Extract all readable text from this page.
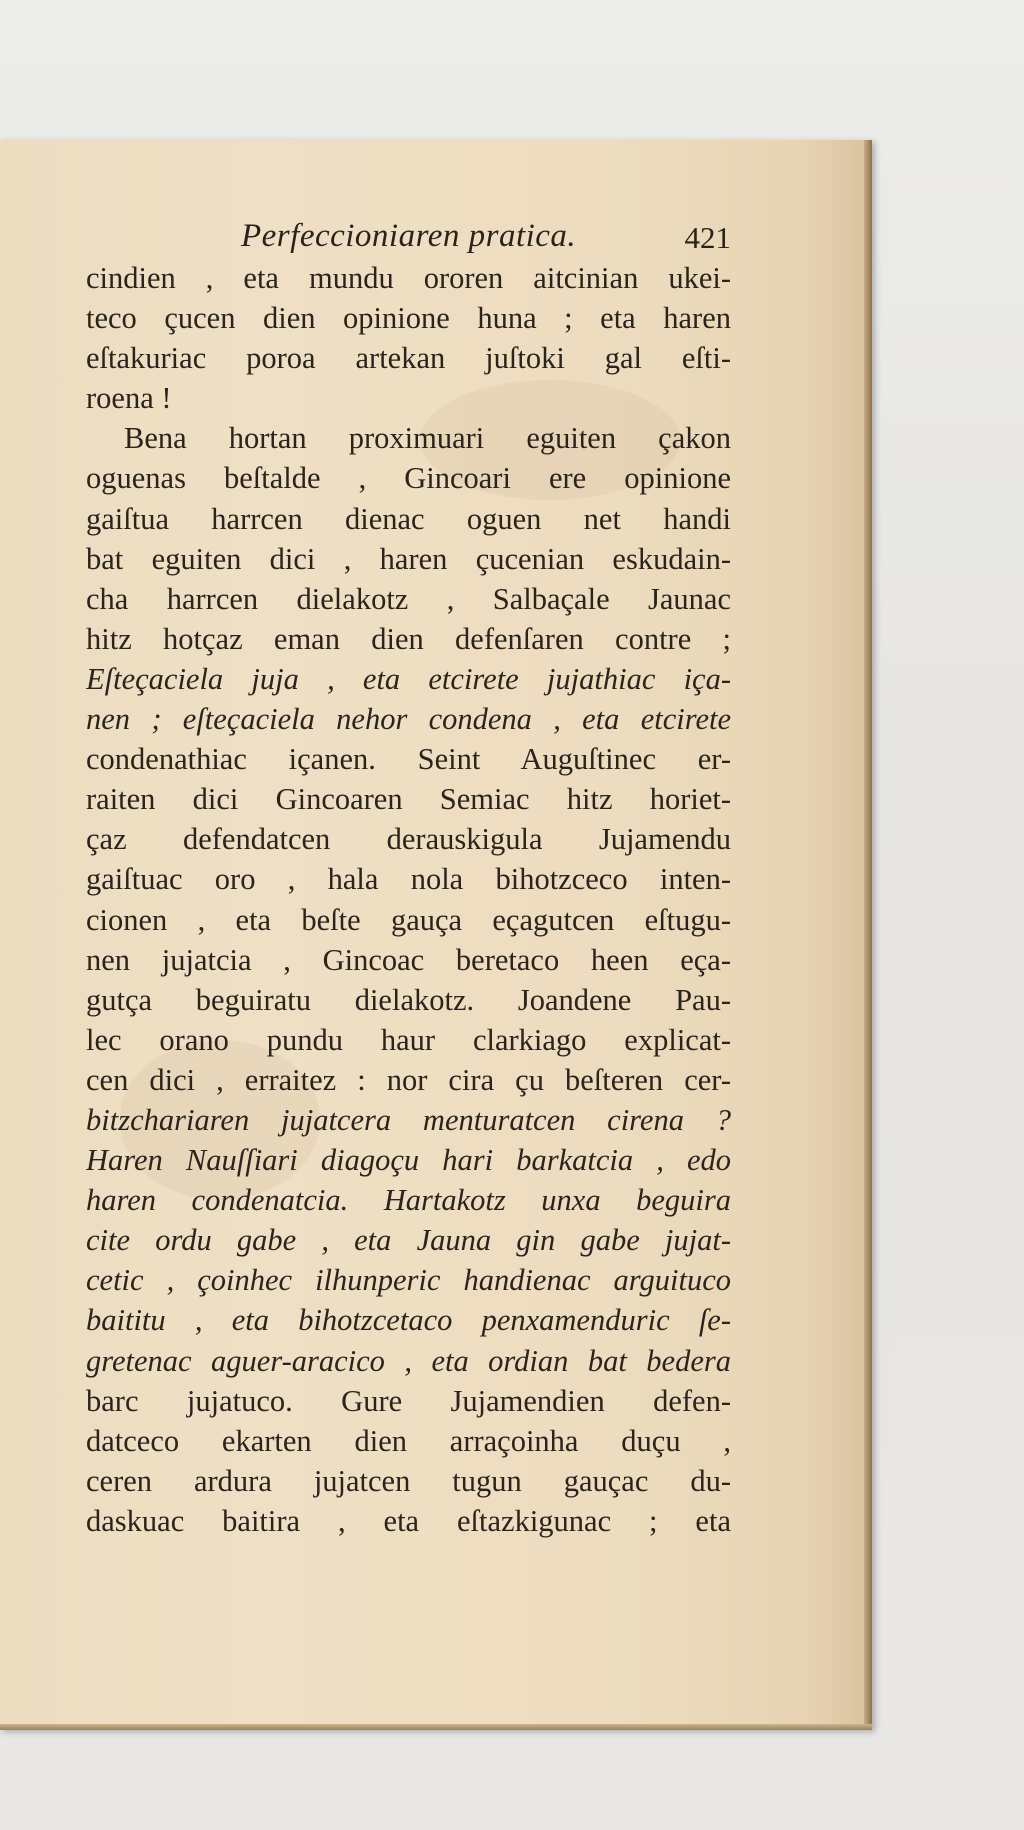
Perfeccioniaren pratica.	421
cindien , eta mundu ororen aitcinian ukei-
teco çucen dien opinione huna ; eta haren
eſtakuriac poroa artekan juſtoki gal eſti-
roena !
Bena hortan proximuari eguiten çakon
oguenas beſtalde , Gincoari ere opinione
gaiſtua harrcen dienac oguen net handi
bat eguiten dici , haren çucenian eskudain-
cha harrcen dielakotz , Salbaçale Jaunac
hitz hotçaz eman dien defenſaren contre ;
Eſteçaciela juja , eta etcirete jujathiac iça-
nen ; eſteçaciela nehor condena , eta etcirete
condenathiac içanen. Seint Auguſtinec er-
raiten dici Gincoaren Semiac hitz horiet-
çaz defendatcen derauskigula Jujamendu
gaiſtuac oro , hala nola bihotzceco inten-
cionen , eta beſte gauça eçagutcen eſtugu-
nen jujatcia , Gincoac beretaco heen eça-
gutça beguiratu dielakotz. Joandene Pau-
lec orano pundu haur clarkiago explicat-
cen dici , erraitez : nor cira çu beſteren cer-
bitzchariaren jujatcera menturatcen cirena ?
Haren Nauſſiari diagoçu hari barkatcia , edo
haren condenatcia. Hartakotz unxa beguira
cite ordu gabe , eta Jauna gin gabe jujat-
cetic , çoinhec ilhunperic handienac arguituco
baititu , eta bihotzcetaco penxamenduric ſe-
gretenac aguer-aracico , eta ordian bat bedera
barc jujatuco. Gure Jujamendien defen-
datceco ekarten dien arraçoinha duçu ,
ceren ardura jujatcen tugun gauçac du-
daskuac baitira , eta eſtazkigunac ; eta
